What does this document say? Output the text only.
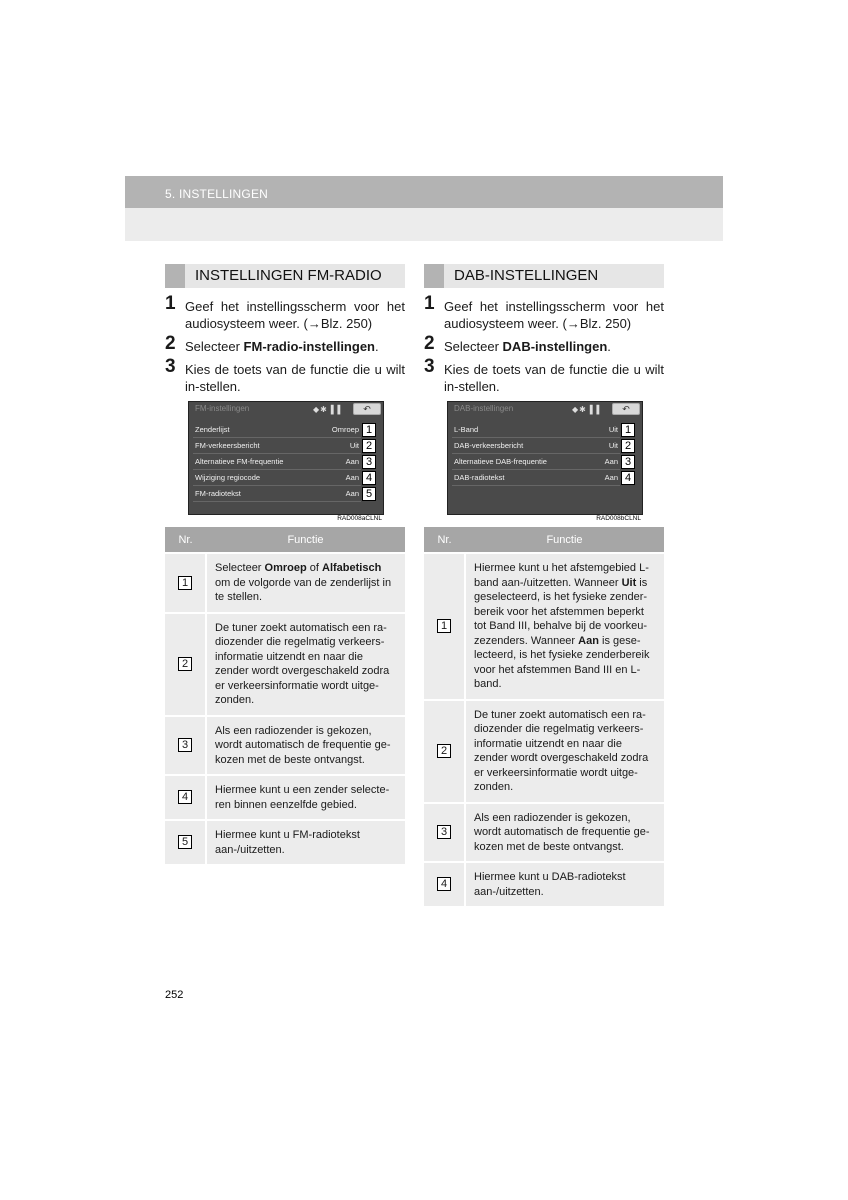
5. INSTELLINGEN
INSTELLINGEN FM-RADIO
1 Geef het instellingsscherm voor het audiosysteem weer. (→Blz. 250)
2 Selecteer FM-radio-instellingen.
3 Kies de toets van de functie die u wilt in-stellen.
FM-instellingen	◆✱▐▐	↶
Zenderlijst	Omroep 1
FM-verkeersbericht	Uit 2
Alternatieve FM-frequentie	Aan 3
Wijziging regiocode	Aan 4
FM-radiotekst	Aan 5
RAD008aCLNL
Nr.	Functie
1	Selecteer Omroep of Alfabetisch om de volgorde van de zenderlijst in te stellen.
2	De tuner zoekt automatisch een ra-diozender die regelmatig verkeers-informatie uitzendt en naar die zender wordt overgeschakeld zodra er verkeersinformatie wordt uitge-zonden.
3	Als een radiozender is gekozen, wordt automatisch de frequentie ge-kozen met de beste ontvangst.
4	Hiermee kunt u een zender selecte-ren binnen eenzelfde gebied.
5	Hiermee kunt u FM-radiotekst aan-/uitzetten.
DAB-INSTELLINGEN
1 Geef het instellingsscherm voor het audiosysteem weer. (→Blz. 250)
2 Selecteer DAB-instellingen.
3 Kies de toets van de functie die u wilt in-stellen.
DAB-instellingen	◆✱▐▐	↶
L-Band	Uit 1
DAB-verkeersbericht	Uit 2
Alternatieve DAB-frequentie	Aan 3
DAB-radiotekst	Aan 4
RAD008bCLNL
Nr.	Functie
1	Hiermee kunt u het afstemgebied L-band aan-/uitzetten. Wanneer Uit is geselecteerd, is het fysieke zender-bereik voor het afstemmen beperkt tot Band III, behalve bij de voorkeu-zezenders. Wanneer Aan is gese-lecteerd, is het fysieke zenderbereik voor het afstemmen Band III en L-band.
2	De tuner zoekt automatisch een ra-diozender die regelmatig verkeers-informatie uitzendt en naar die zender wordt overgeschakeld zodra er verkeersinformatie wordt uitge-zonden.
3	Als een radiozender is gekozen, wordt automatisch de frequentie ge-kozen met de beste ontvangst.
4	Hiermee kunt u DAB-radiotekst aan-/uitzetten.
252
